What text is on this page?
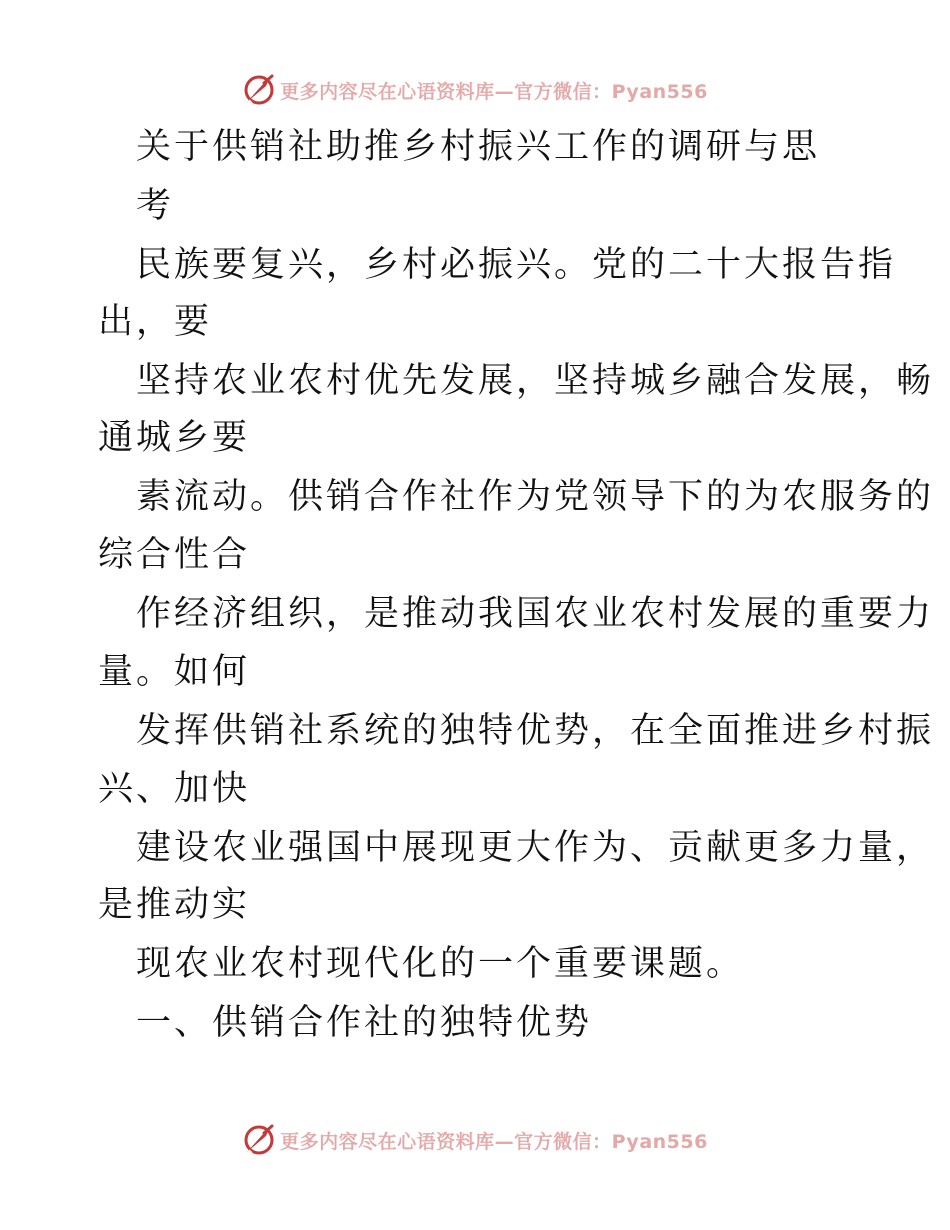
更多内容尽在心语资料库—官方微信：Pyan556
关于供销社助推乡村振兴工作的调研与思
考
民族要复兴，乡村必振兴。党的二十大报告指
出，要
坚持农业农村优先发展，坚持城乡融合发展，畅
通城乡要
素流动。供销合作社作为党领导下的为农服务的
综合性合
作经济组织，是推动我国农业农村发展的重要力
量。如何
发挥供销社系统的独特优势，在全面推进乡村振
兴、加快
建设农业强国中展现更大作为、贡献更多力量，
是推动实
现农业农村现代化的一个重要课题。
一、供销合作社的独特优势
更多内容尽在心语资料库—官方微信：Pyan556
